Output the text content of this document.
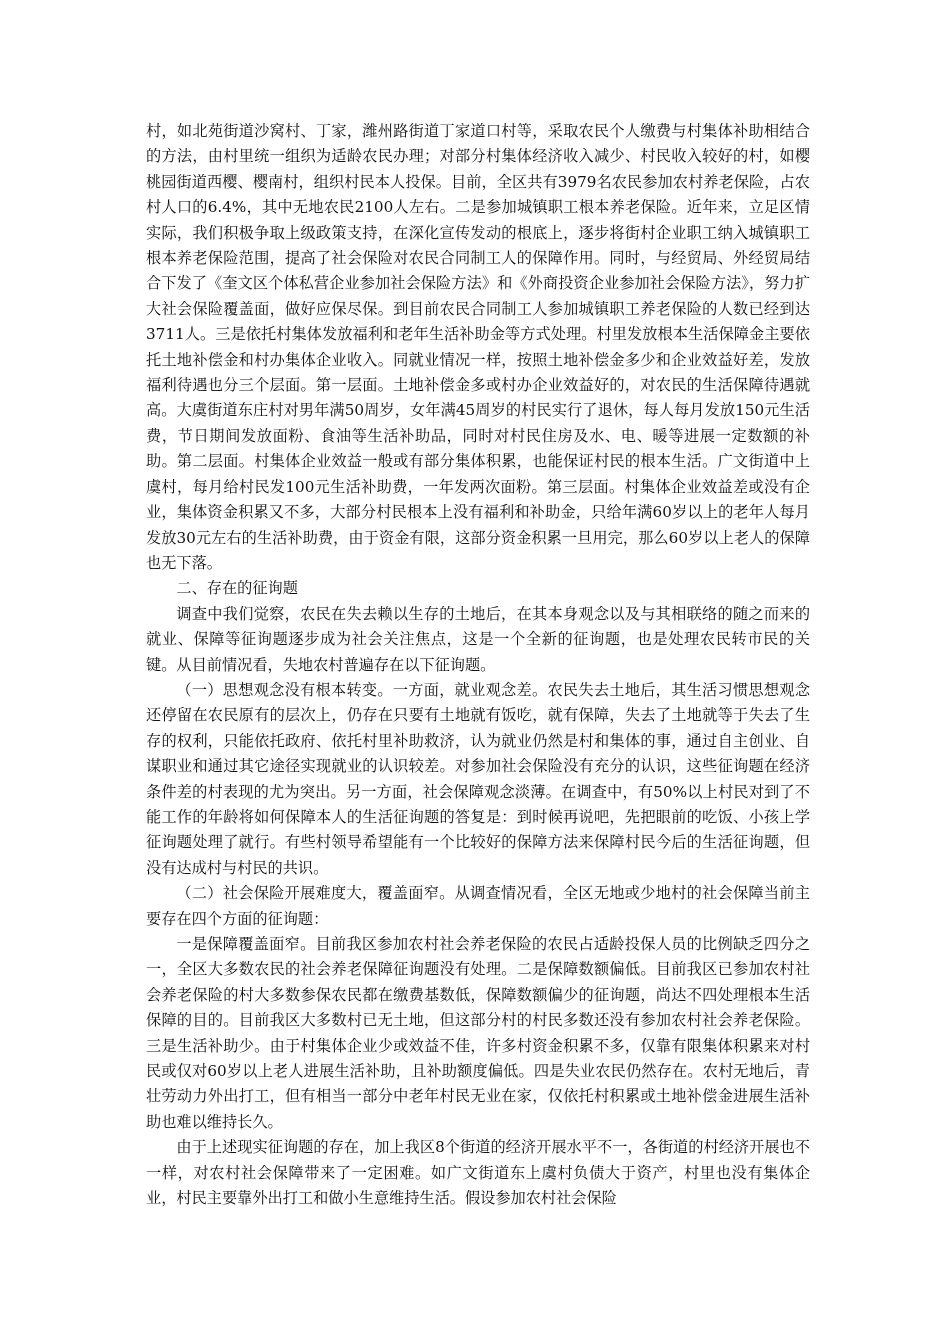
村，如北苑街道沙窝村、丁家，潍州路街道丁家道口村等，采取农民个人缴费与村集体补助相结合的方法，由村里统一组织为适龄农民办理；对部分村集体经济收入减少、村民收入较好的村，如樱桃园街道西樱、樱南村，组织村民本人投保。目前，全区共有3979名农民参加农村养老保险，占农村人口的6.4%，其中无地农民2100人左右。二是参加城镇职工根本养老保险。近年来，立足区情实际，我们积极争取上级政策支持，在深化宣传发动的根底上，逐步将街村企业职工纳入城镇职工根本养老保险范围，提高了社会保险对农民合同制工人的保障作用。同时，与经贸局、外经贸局结合下发了《奎文区个体私营企业参加社会保险方法》和《外商投资企业参加社会保险方法》，努力扩大社会保险覆盖面，做好应保尽保。到目前农民合同制工人参加城镇职工养老保险的人数已经到达3711人。三是依托村集体发放福利和老年生活补助金等方式处理。村里发放根本生活保障金主要依托土地补偿金和村办集体企业收入。同就业情况一样，按照土地补偿金多少和企业效益好差，发放福利待遇也分三个层面。第一层面。土地补偿金多或村办企业效益好的，对农民的生活保障待遇就高。大虞街道东庄村对男年满50周岁，女年满45周岁的村民实行了退休，每人每月发放150元生活费，节日期间发放面粉、食油等生活补助品，同时对村民住房及水、电、暖等进展一定数额的补助。第二层面。村集体企业效益一般或有部分集体积累，也能保证村民的根本生活。广文街道中上虞村，每月给村民发100元生活补助费，一年发两次面粉。第三层面。村集体企业效益差或没有企业，集体资金积累又不多，大部分村民根本上没有福利和补助金，只给年满60岁以上的老年人每月发放30元左右的生活补助费，由于资金有限，这部分资金积累一旦用完，那么60岁以上老人的保障也无下落。

二、存在的征询题

调查中我们觉察，农民在失去赖以生存的土地后，在其本身观念以及与其相联络的随之而来的就业、保障等征询题逐步成为社会关注焦点，这是一个全新的征询题，也是处理农民转市民的关键。从目前情况看，失地农村普遍存在以下征询题。

（一）思想观念没有根本转变。一方面，就业观念差。农民失去土地后，其生活习惯思想观念还停留在农民原有的层次上，仍存在只要有土地就有饭吃，就有保障，失去了土地就等于失去了生存的权利，只能依托政府、依托村里补助救济，认为就业仍然是村和集体的事，通过自主创业、自谋职业和通过其它途径实现就业的认识较差。对参加社会保险没有充分的认识，这些征询题在经济条件差的村表现的尤为突出。另一方面，社会保障观念淡薄。在调查中，有50%以上村民对到了不能工作的年龄将如何保障本人的生活征询题的答复是：到时候再说吧，先把眼前的吃饭、小孩上学征询题处理了就行。有些村领导希望能有一个比较好的保障方法来保障村民今后的生活征询题，但没有达成村与村民的共识。

（二）社会保险开展难度大，覆盖面窄。从调查情况看，全区无地或少地村的社会保障当前主要存在四个方面的征询题：

一是保障覆盖面窄。目前我区参加农村社会养老保险的农民占适龄投保人员的比例缺乏四分之一，全区大多数农民的社会养老保障征询题没有处理。二是保障数额偏低。目前我区已参加农村社会养老保险的村大多数参保农民都在缴费基数低，保障数额偏少的征询题，尚达不四处理根本生活保障的目的。目前我区大多数村已无土地，但这部分村的村民多数还没有参加农村社会养老保险。三是生活补助少。由于村集体企业少或效益不佳，许多村资金积累不多，仅靠有限集体积累来对村民或仅对60岁以上老人进展生活补助，且补助额度偏低。四是失业农民仍然存在。农村无地后，青壮劳动力外出打工，但有相当一部分中老年村民无业在家，仅依托村积累或土地补偿金进展生活补助也难以维持长久。

由于上述现实征询题的存在，加上我区8个街道的经济开展水平不一，各街道的村经济开展也不一样，对农村社会保障带来了一定困难。如广文街道东上虞村负债大于资产，村里也没有集体企业，村民主要靠外出打工和做小生意维持生活。假设参加农村社会保险
